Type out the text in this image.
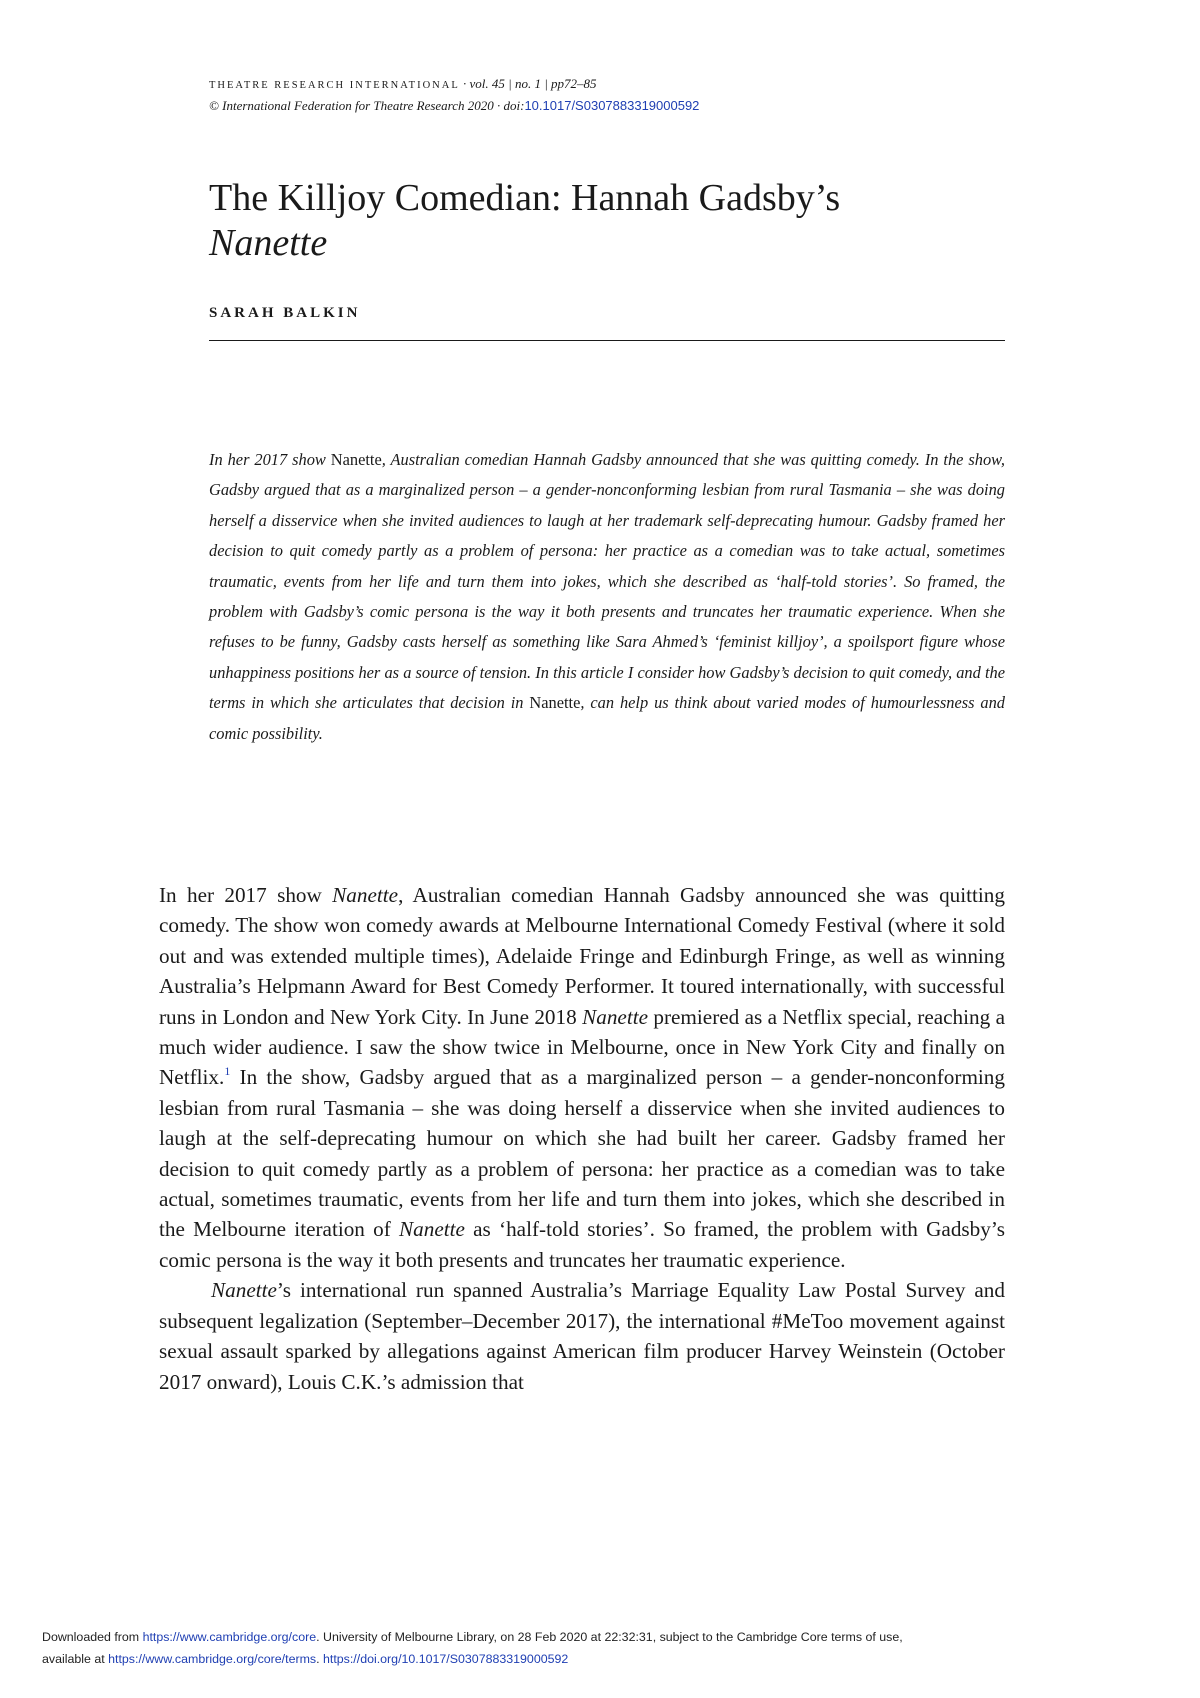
THEATRE RESEARCH INTERNATIONAL · vol. 45 | no. 1 | pp72–85
© International Federation for Theatre Research 2020 · doi:10.1017/S0307883319000592
The Killjoy Comedian: Hannah Gadsby’s
Nanette
SARAH BALKIN

In her 2017 show Nanette, Australian comedian Hannah Gadsby announced that she was quitting comedy. In the show, Gadsby argued that as a marginalized person – a gender-nonconforming lesbian from rural Tasmania – she was doing herself a disservice when she invited audiences to laugh at her trademark self-deprecating humour. Gadsby framed her decision to quit comedy partly as a problem of persona: her practice as a comedian was to take actual, sometimes traumatic, events from her life and turn them into jokes, which she described as ‘half-told stories’. So framed, the problem with Gadsby’s comic persona is the way it both presents and truncates her traumatic experience. When she refuses to be funny, Gadsby casts herself as something like Sara Ahmed’s ‘feminist killjoy’, a spoilsport figure whose unhappiness positions her as a source of tension. In this article I consider how Gadsby’s decision to quit comedy, and the terms in which she articulates that decision in Nanette, can help us think about varied modes of humourlessness and comic possibility.

In her 2017 show Nanette, Australian comedian Hannah Gadsby announced she was quitting comedy. The show won comedy awards at Melbourne International Comedy Festival (where it sold out and was extended multiple times), Adelaide Fringe and Edinburgh Fringe, as well as winning Australia’s Helpmann Award for Best Comedy Performer. It toured internationally, with successful runs in London and New York City. In June 2018 Nanette premiered as a Netflix special, reaching a much wider audience. I saw the show twice in Melbourne, once in New York City and finally on Netflix.$^1$ In the show, Gadsby argued that as a marginalized person – a gender-nonconforming lesbian from rural Tasmania – she was doing herself a disservice when she invited audiences to laugh at the self-deprecating humour on which she had built her career. Gadsby framed her decision to quit comedy partly as a problem of persona: her practice as a comedian was to take actual, sometimes traumatic, events from her life and turn them into jokes, which she described in the Melbourne iteration of Nanette as ‘half-told stories’. So framed, the problem with Gadsby’s comic persona is the way it both presents and truncates her traumatic experience.

Nanette’s international run spanned Australia’s Marriage Equality Law Postal Survey and subsequent legalization (September–December 2017), the international #MeToo movement against sexual assault sparked by allegations against American film producer Harvey Weinstein (October 2017 onward), Louis C.K.’s admission that

Downloaded from https://www.cambridge.org/core. University of Melbourne Library, on 28 Feb 2020 at 22:32:31, subject to the Cambridge Core terms of use,
available at https://www.cambridge.org/core/terms. https://doi.org/10.1017/S0307883319000592
